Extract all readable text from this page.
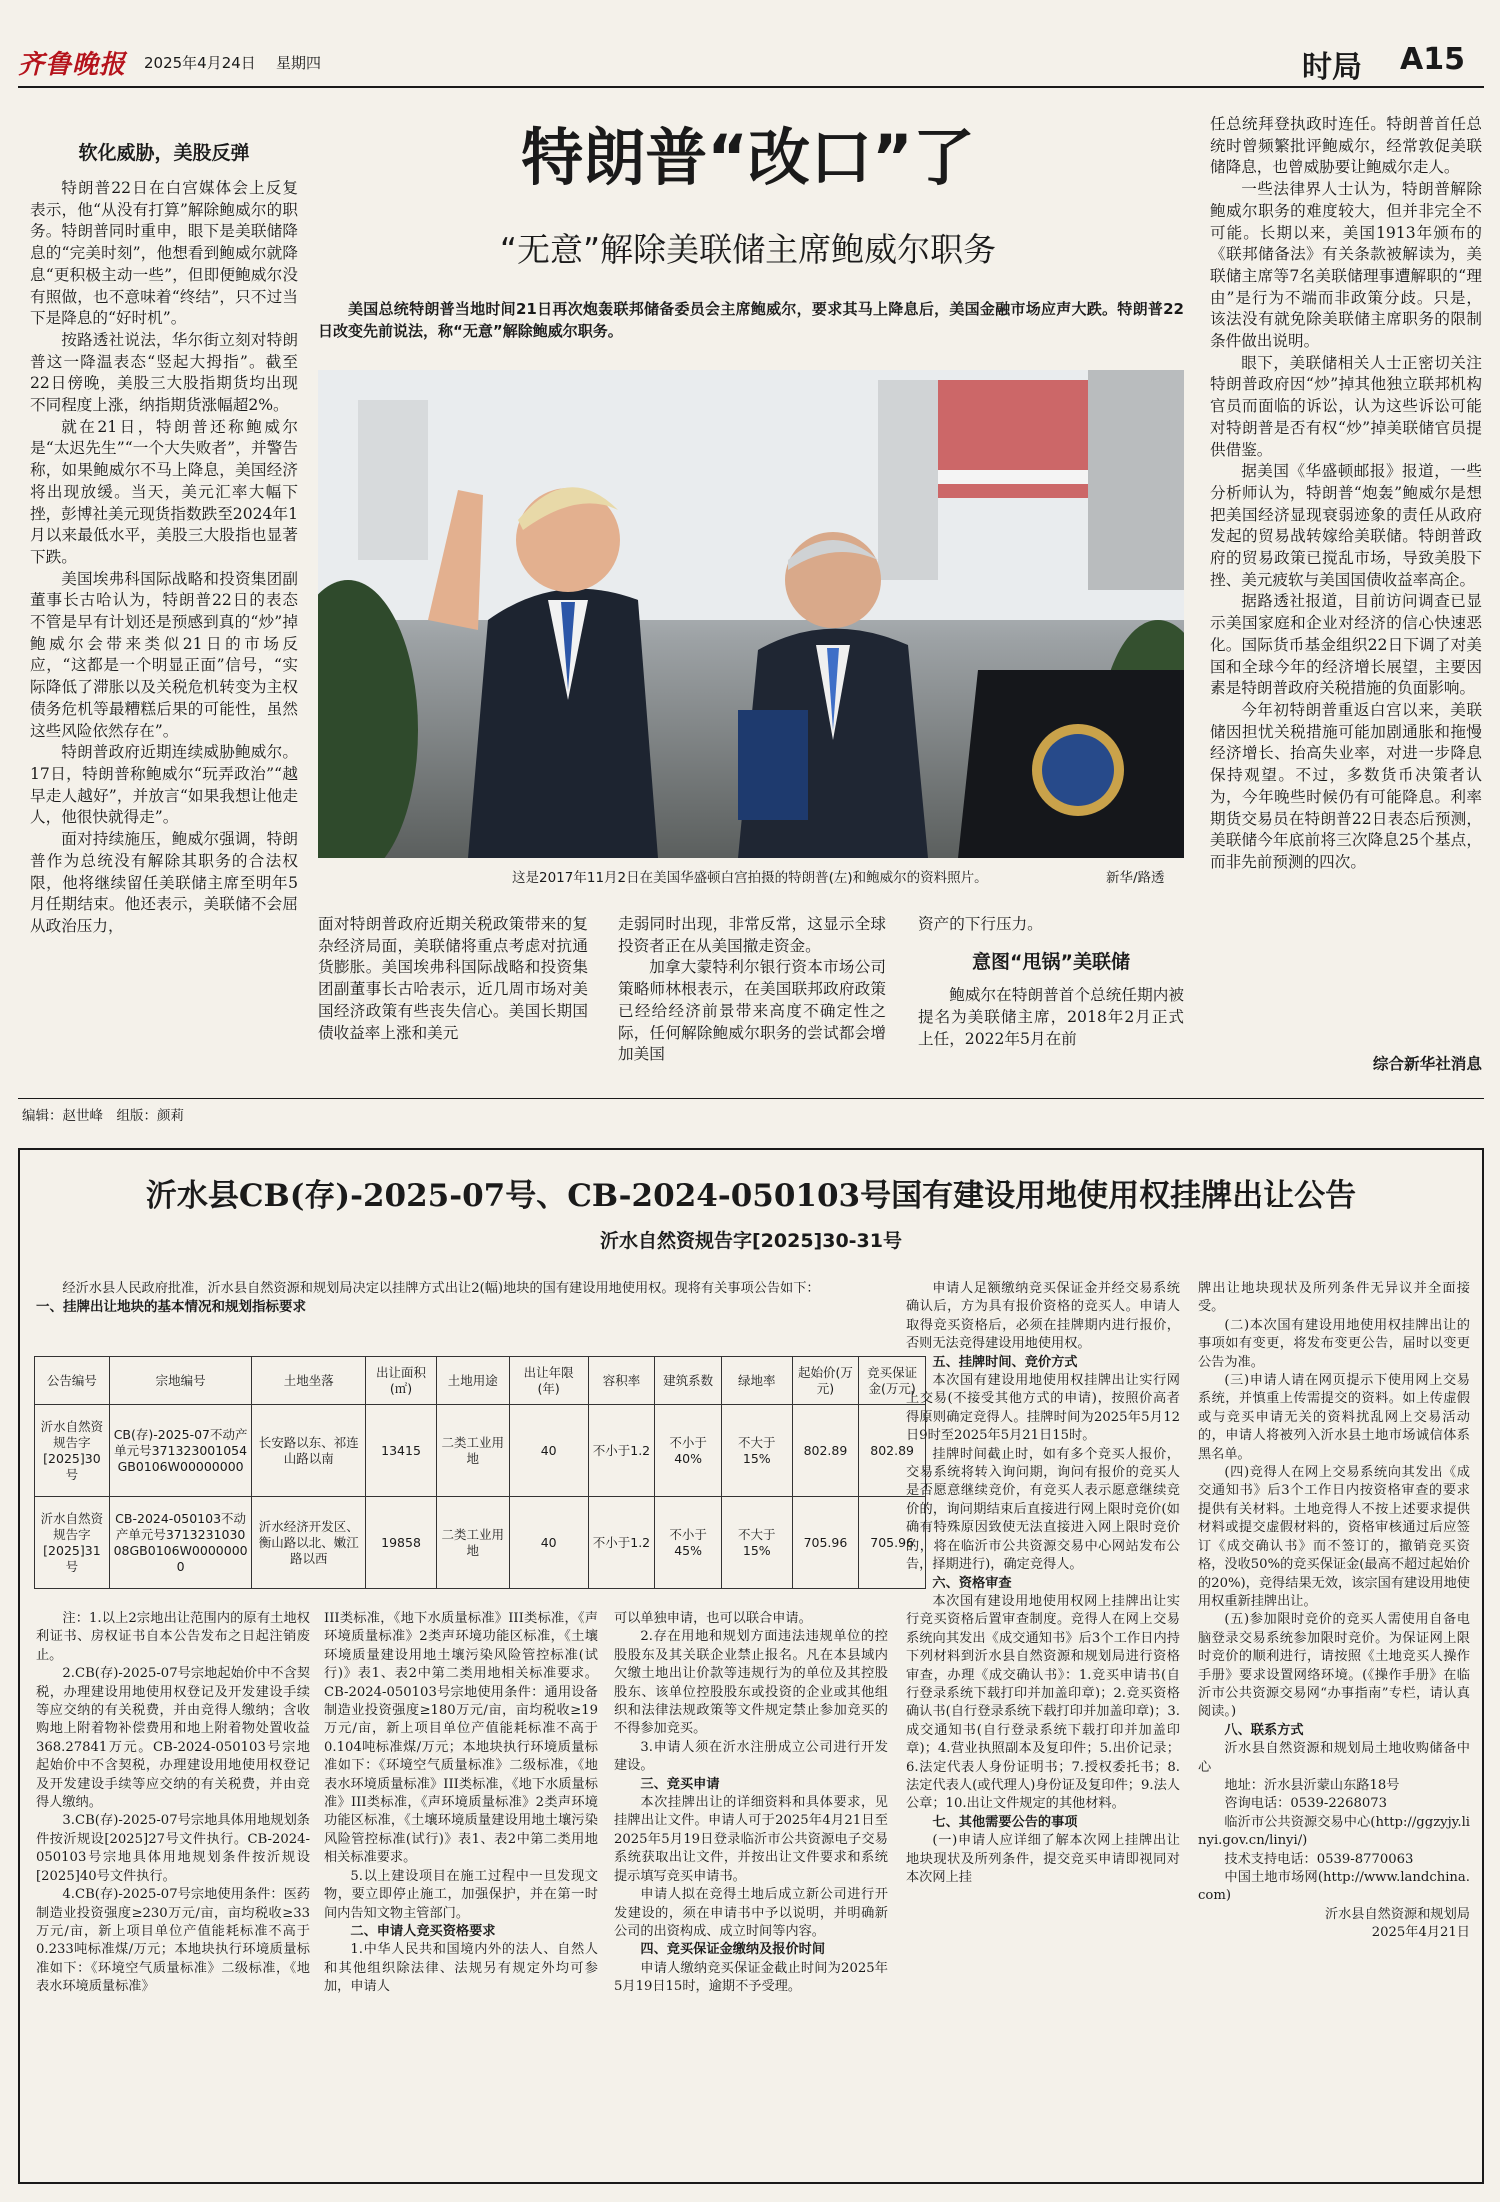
齐鲁晚报 2025年4月24日 星期四	时局 A15
软化威胁，美股反弹

特朗普22日在白宫媒体会上反复表示，他“从没有打算”解除鲍威尔的职务。特朗普同时重申，眼下是美联储降息的“完美时刻”，他想看到鲍威尔就降息“更积极主动一些”，但即便鲍威尔没有照做，也不意味着“终结”，只不过当下是降息的“好时机”。

按路透社说法，华尔街立刻对特朗普这一降温表态“竖起大拇指”。截至22日傍晚，美股三大股指期货均出现不同程度上涨，纳指期货涨幅超2%。

就在21日，特朗普还称鲍威尔是“太迟先生”“一个大失败者”，并警告称，如果鲍威尔不马上降息，美国经济将出现放缓。当天，美元汇率大幅下挫，彭博社美元现货指数跌至2024年1月以来最低水平，美股三大股指也显著下跌。

美国埃弗科国际战略和投资集团副董事长古哈认为，特朗普22日的表态不管是早有计划还是预感到真的“炒”掉鲍威尔会带来类似21日的市场反应，“这都是一个明显正面”信号，“实际降低了滞胀以及关税危机转变为主权债务危机等最糟糕后果的可能性，虽然这些风险依然存在”。

特朗普政府近期连续威胁鲍威尔。17日，特朗普称鲍威尔“玩弄政治”“越早走人越好”，并放言“如果我想让他走人，他很快就得走”。

面对持续施压，鲍威尔强调，特朗普作为总统没有解除其职务的合法权限，他将继续留任美联储主席至明年5月任期结束。他还表示，美联储不会屈从政治压力，

特朗普“改口”了
“无意”解除美联储主席鲍威尔职务
美国总统特朗普当地时间21日再次炮轰联邦储备委员会主席鲍威尔，要求其马上降息后，美国金融市场应声大跌。特朗普22日改变先前说法，称“无意”解除鲍威尔职务。
这是2017年11月2日在美国华盛顿白宫拍摄的特朗普(左)和鲍威尔的资料照片。	新华/路透

面对特朗普政府近期关税政策带来的复杂经济局面，美联储将重点考虑对抗通货膨胀。美国埃弗科国际战略和投资集团副董事长古哈表示，近几周市场对美国经济政策有些丧失信心。美国长期国债收益率上涨和美元

走弱同时出现，非常反常，这显示全球投资者正在从美国撤走资金。

加拿大蒙特利尔银行资本市场公司策略师林根表示，在美国联邦政府政策已经给经济前景带来高度不确定性之际，任何解除鲍威尔职务的尝试都会增加美国

资产的下行压力。

意图“甩锅”美联储

鲍威尔在特朗普首个总统任期内被提名为美联储主席，2018年2月正式上任，2022年5月在前

任总统拜登执政时连任。特朗普首任总统时曾频繁批评鲍威尔，经常敦促美联储降息，也曾威胁要让鲍威尔走人。

一些法律界人士认为，特朗普解除鲍威尔职务的难度较大，但并非完全不可能。长期以来，美国1913年颁布的《联邦储备法》有关条款被解读为，美联储主席等7名美联储理事遭解职的“理由”是行为不端而非政策分歧。只是，该法没有就免除美联储主席职务的限制条件做出说明。

眼下，美联储相关人士正密切关注特朗普政府因“炒”掉其他独立联邦机构官员而面临的诉讼，认为这些诉讼可能对特朗普是否有权“炒”掉美联储官员提供借鉴。

据美国《华盛顿邮报》报道，一些分析师认为，特朗普“炮轰”鲍威尔是想把美国经济显现衰弱迹象的责任从政府发起的贸易战转嫁给美联储。特朗普政府的贸易政策已搅乱市场，导致美股下挫、美元疲软与美国国债收益率高企。

据路透社报道，目前访问调查已显示美国家庭和企业对经济的信心快速恶化。国际货币基金组织22日下调了对美国和全球今年的经济增长展望，主要因素是特朗普政府关税措施的负面影响。

今年初特朗普重返白宫以来，美联储因担忧关税措施可能加剧通胀和拖慢经济增长、抬高失业率，对进一步降息保持观望。不过，多数货币决策者认为，今年晚些时候仍有可能降息。利率期货交易员在特朗普22日表态后预测，美联储今年底前将三次降息25个基点，而非先前预测的四次。

综合新华社消息
编辑：赵世峰　组版：颜莉
沂水县CB(存)-2025-07号、CB-2024-050103号国有建设用地使用权挂牌出让公告
沂水自然资规告字[2025]30-31号

经沂水县人民政府批准，沂水县自然资源和规划局决定以挂牌方式出让2(幅)地块的国有建设用地使用权。现将有关事项公告如下：

一、挂牌出让地块的基本情况和规划指标要求
公告编号	宗地编号	土地坐落	出让面积(㎡)	土地用途	出让年限(年)	容积率	建筑系数	绿地率	起始价(万元)	竞买保证金(万元)
沂水自然资规告字[2025]30号	CB(存)-2025-07不动产单元号371323001054GB0106W00000000	长安路以东、祁连山路以南	13415	二类工业用地	40	不小于1.2	不小于40%	不大于15%	802.89	802.89
沂水自然资规告字[2025]31号	CB-2024-050103不动产单元号371323103008GB0106W00000000	沂水经济开发区、衡山路以北、嫩江路以西	19858	二类工业用地	40	不小于1.2	不小于45%	不大于15%	705.96	705.96

注：1.以上2宗地出让范围内的原有土地权利证书、房权证书自本公告发布之日起注销废止。

2.CB(存)-2025-07号宗地起始价中不含契税，办理建设用地使用权登记及开发建设手续等应交纳的有关税费，并由竞得人缴纳；含收购地上附着物补偿费用和地上附着物处置收益368.27841万元。CB-2024-050103号宗地起始价中不含契税，办理建设用地使用权登记及开发建设手续等应交纳的有关税费，并由竞得人缴纳。

3.CB(存)-2025-07号宗地具体用地规划条件按沂规设[2025]27号文件执行。CB-2024-050103号宗地具体用地规划条件按沂规设[2025]40号文件执行。

4.CB(存)-2025-07号宗地使用条件：医药制造业投资强度≥230万元/亩，亩均税收≥33万元/亩，新上项目单位产值能耗标准不高于0.233吨标准煤/万元；本地块执行环境质量标准如下：《环境空气质量标准》二级标准，《地表水环境质量标准》

III类标准，《地下水质量标准》III类标准，《声环境质量标准》2类声环境功能区标准，《土壤环境质量建设用地土壤污染风险管控标准(试行)》表1、表2中第二类用地相关标准要求。CB-2024-050103号宗地使用条件：通用设备制造业投资强度≥180万元/亩，亩均税收≥19万元/亩，新上项目单位产值能耗标准不高于0.104吨标准煤/万元；本地块执行环境质量标准如下：《环境空气质量标准》二级标准，《地表水环境质量标准》III类标准，《地下水质量标准》III类标准，《声环境质量标准》2类声环境功能区标准，《土壤环境质量建设用地土壤污染风险管控标准(试行)》表1、表2中第二类用地相关标准要求。

5.以上建设项目在施工过程中一旦发现文物，要立即停止施工，加强保护，并在第一时间内告知文物主管部门。

二、申请人竞买资格要求

1.中华人民共和国境内外的法人、自然人和其他组织除法律、法规另有规定外均可参加，申请人

可以单独申请，也可以联合申请。

2.存在用地和规划方面违法违规单位的控股股东及其关联企业禁止报名。凡在本县域内欠缴土地出让价款等违规行为的单位及其控股股东、该单位控股股东或投资的企业或其他组织和法律法规政策等文件规定禁止参加竞买的不得参加竞买。

3.申请人须在沂水注册成立公司进行开发建设。

三、竞买申请

本次挂牌出让的详细资料和具体要求，见挂牌出让文件。申请人可于2025年4月21日至2025年5月19日登录临沂市公共资源电子交易系统获取出让文件，并按出让文件要求和系统提示填写竞买申请书。

申请人拟在竞得土地后成立新公司进行开发建设的，须在申请书中予以说明，并明确新公司的出资构成、成立时间等内容。

四、竞买保证金缴纳及报价时间

申请人缴纳竞买保证金截止时间为2025年5月19日15时，逾期不予受理。

申请人足额缴纳竞买保证金并经交易系统确认后，方为具有报价资格的竞买人。申请人取得竞买资格后，必须在挂牌期内进行报价，否则无法竞得建设用地使用权。

五、挂牌时间、竞价方式

本次国有建设用地使用权挂牌出让实行网上交易(不接受其他方式的申请)，按照价高者得原则确定竞得人。挂牌时间为2025年5月12日9时至2025年5月21日15时。

挂牌时间截止时，如有多个竞买人报价，交易系统将转入询问期，询问有报价的竞买人是否愿意继续竞价，有竞买人表示愿意继续竞价的，询问期结束后直接进行网上限时竞价(如确有特殊原因致使无法直接进入网上限时竞价的，将在临沂市公共资源交易中心网站发布公告，择期进行)，确定竞得人。

六、资格审查

本次国有建设用地使用权网上挂牌出让实行竞买资格后置审查制度。竞得人在网上交易系统向其发出《成交通知书》后3个工作日内持下列材料到沂水县自然资源和规划局进行资格审查，办理《成交确认书》：1.竞买申请书(自行登录系统下载打印并加盖印章)；2.竞买资格确认书(自行登录系统下载打印并加盖印章)；3.成交通知书(自行登录系统下载打印并加盖印章)；4.营业执照副本及复印件；5.出价记录；6.法定代表人身份证明书；7.授权委托书；8.法定代表人(或代理人)身份证及复印件；9.法人公章；10.出让文件规定的其他材料。

七、其他需要公告的事项

(一)申请人应详细了解本次网上挂牌出让地块现状及所列条件，提交竞买申请即视同对本次网上挂

牌出让地块现状及所列条件无异议并全面接受。

(二)本次国有建设用地使用权挂牌出让的事项如有变更，将发布变更公告，届时以变更公告为准。

(三)申请人请在网页提示下使用网上交易系统，并慎重上传需提交的资料。如上传虚假或与竞买申请无关的资料扰乱网上交易活动的，申请人将被列入沂水县土地市场诚信体系黑名单。

(四)竞得人在网上交易系统向其发出《成交通知书》后3个工作日内按资格审查的要求提供有关材料。土地竞得人不按上述要求提供材料或提交虚假材料的，资格审核通过后应签订《成交确认书》而不签订的，撤销竞买资格，没收50%的竞买保证金(最高不超过起始价的20%)，竞得结果无效，该宗国有建设用地使用权重新挂牌出让。

(五)参加限时竞价的竞买人需使用自备电脑登录交易系统参加限时竞价。为保证网上限时竞价的顺利进行，请按照《土地竞买人操作手册》要求设置网络环境。(《操作手册》在临沂市公共资源交易网“办事指南”专栏，请认真阅读。)

八、联系方式

沂水县自然资源和规划局土地收购储备中心

地址：沂水县沂蒙山东路18号

咨询电话：0539-2268073

临沂市公共资源交易中心(http://ggzyjy.linyi.gov.cn/linyi/)

技术支持电话：0539-8770063

中国土地市场网(http://www.landchina.com)

沂水县自然资源和规划局

2025年4月21日
